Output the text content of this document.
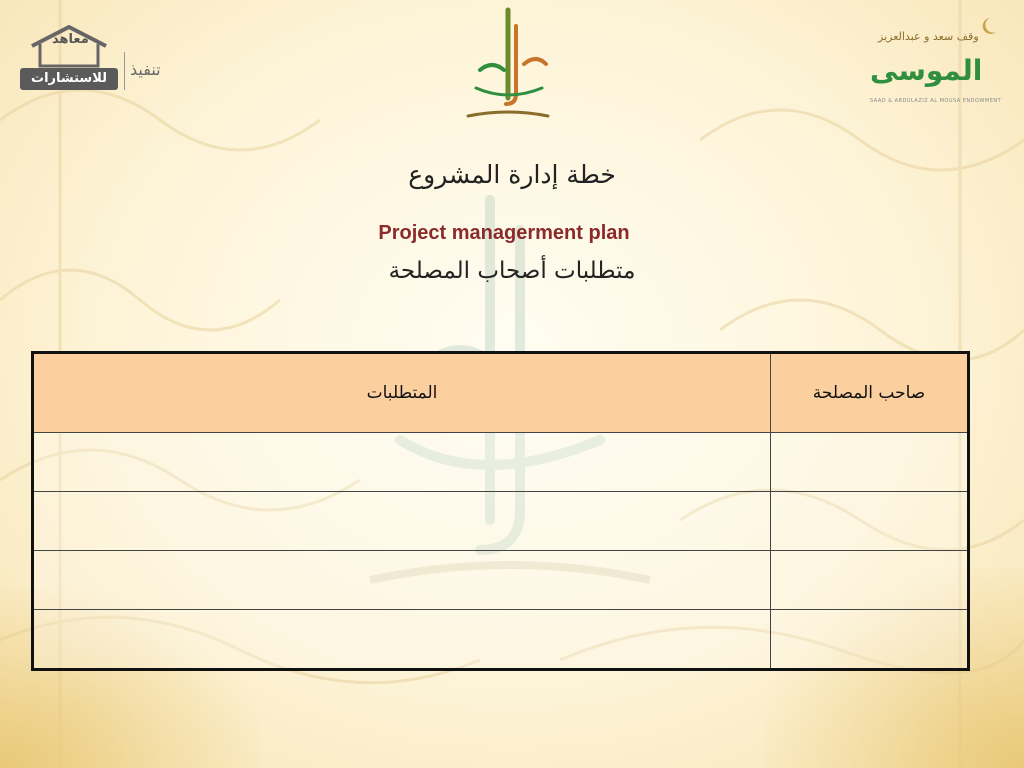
معاهد
للاستشارات	تنفيذ
وقف سعد و عبدالعزيز
الموسى
SAAD & ABDULAZIZ AL MOUSA ENDOWMENT
خطة إدارة المشروع
Project managerment plan
متطلبات أصحاب المصلحة
صاحب المصلحة	المتطلبات
